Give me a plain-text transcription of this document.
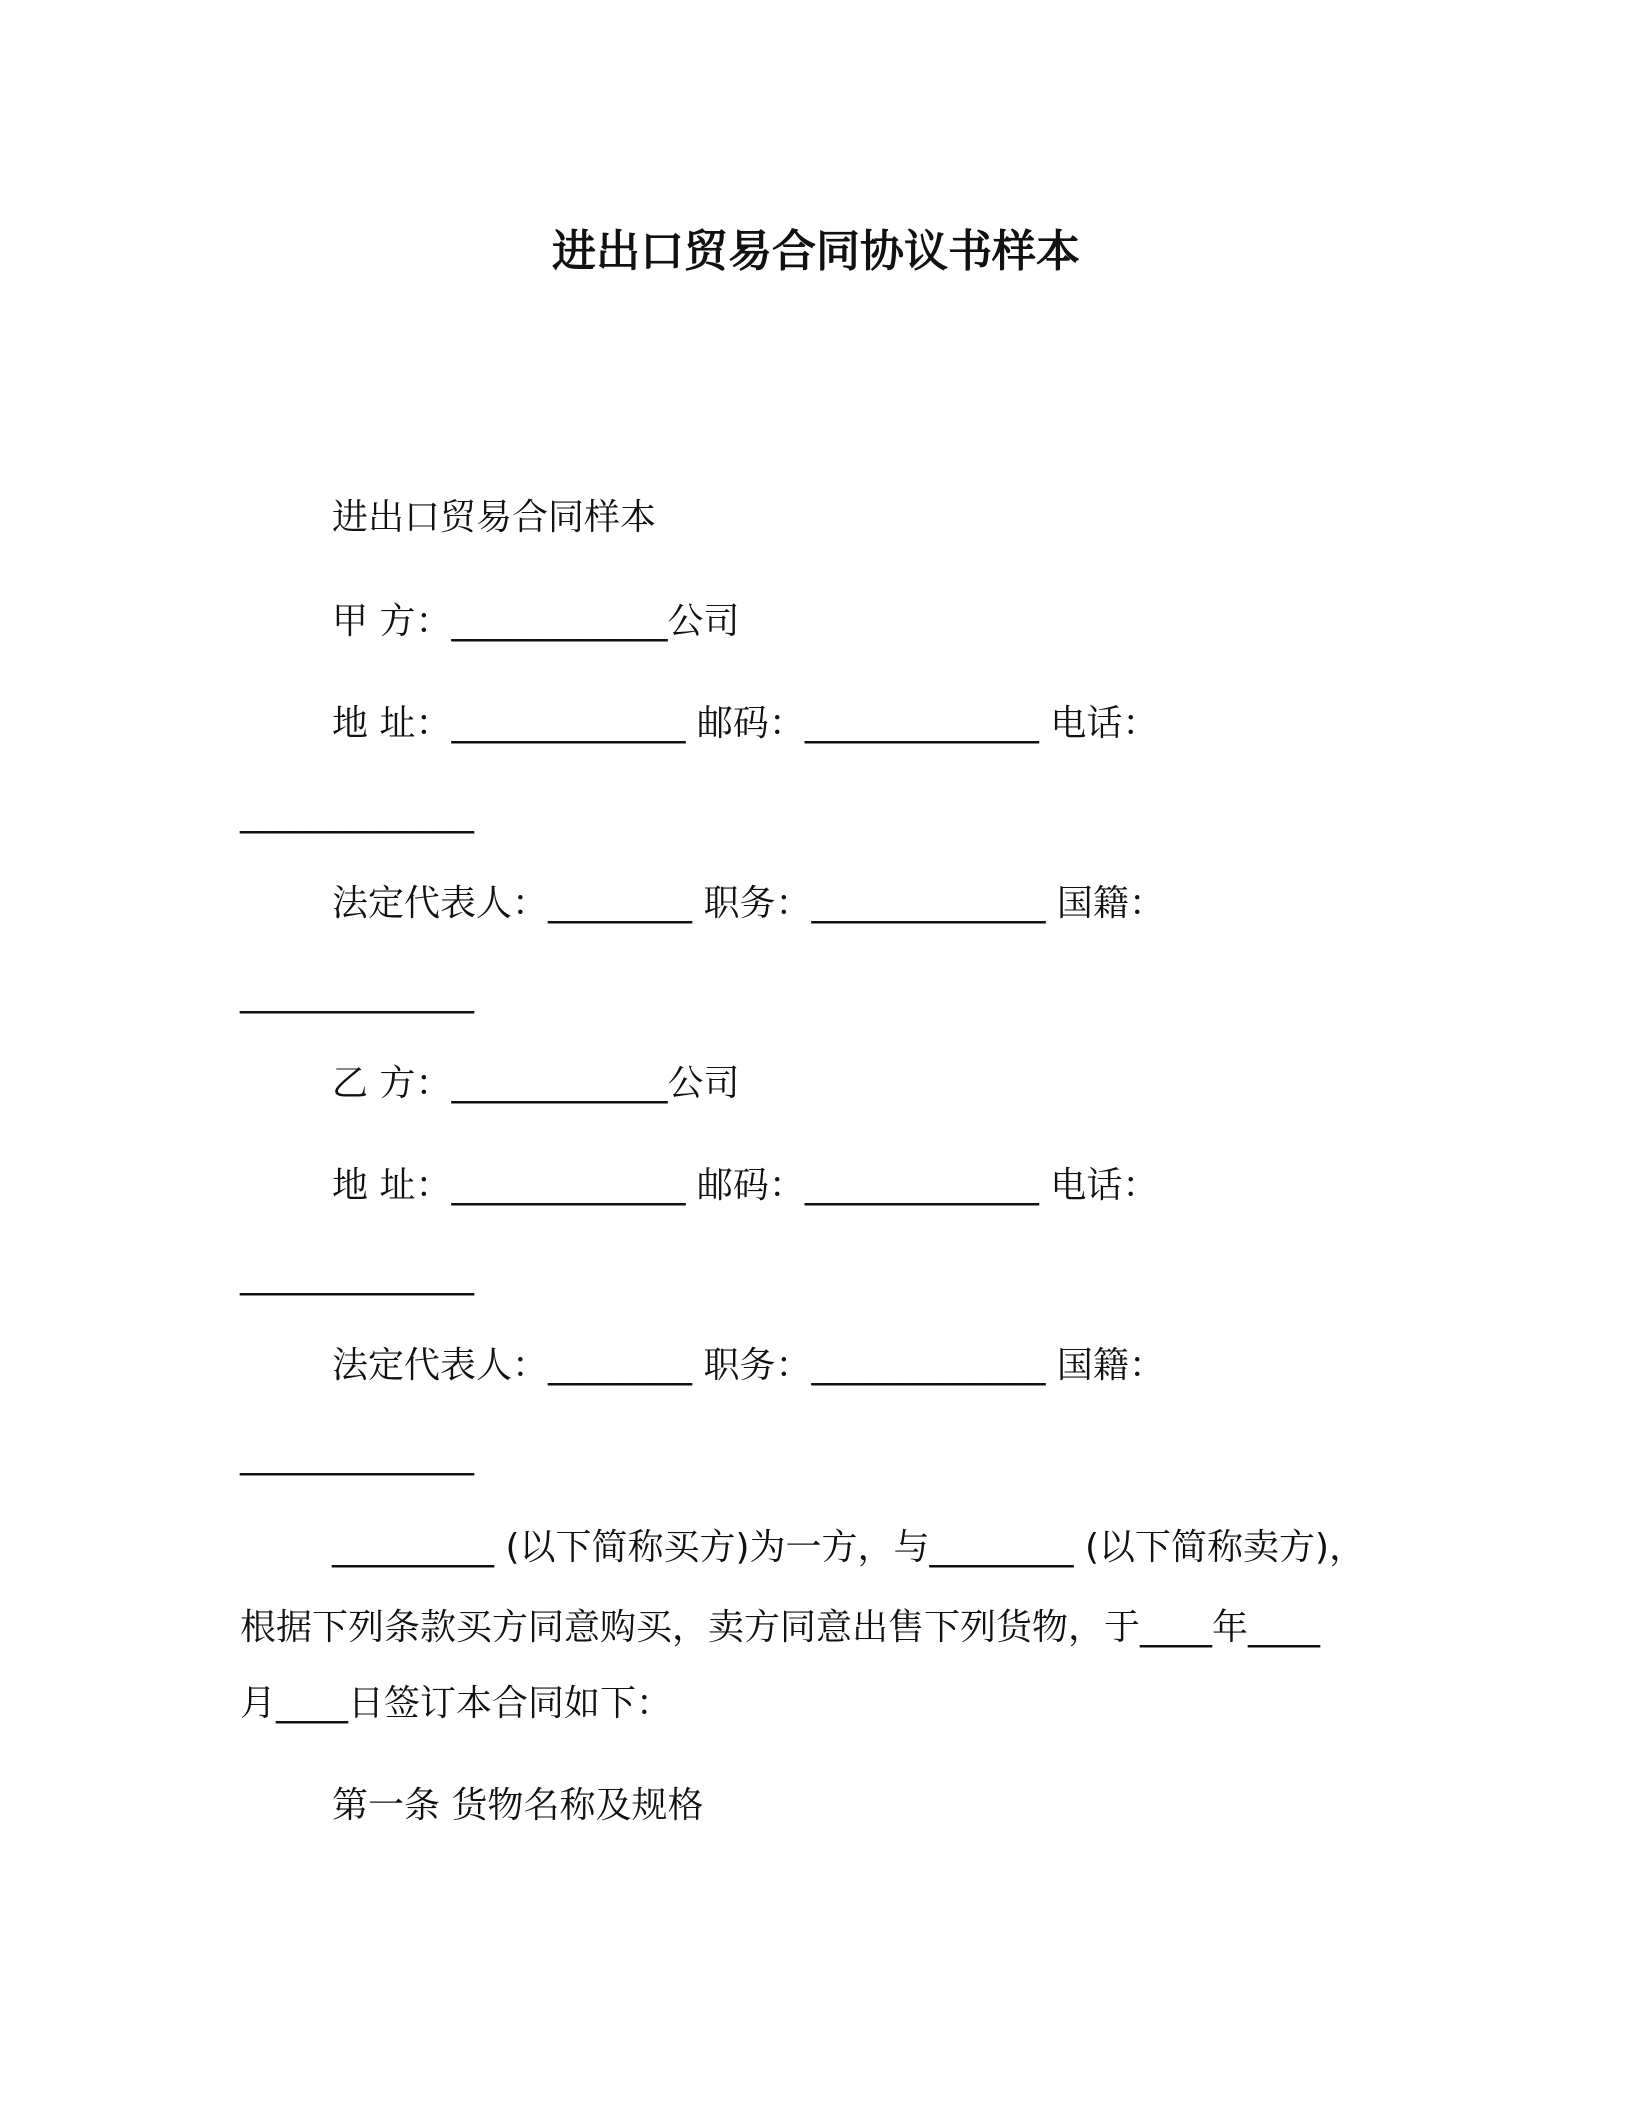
进出口贸易合同协议书样本
进出口贸易合同样本
甲 方：____________公司
地 址：_____________ 邮码：_____________ 电话：
_____________
法定代表人：________ 职务：_____________ 国籍：
_____________
乙 方：____________公司
地 址：_____________ 邮码：_____________ 电话：
_____________
法定代表人：________ 职务：_____________ 国籍：
_____________
_________ (以下简称买方)为一方，与________ (以下简称卖方)，
根据下列条款买方同意购买，卖方同意出售下列货物，于____年____
月____日签订本合同如下：
第一条 货物名称及规格
